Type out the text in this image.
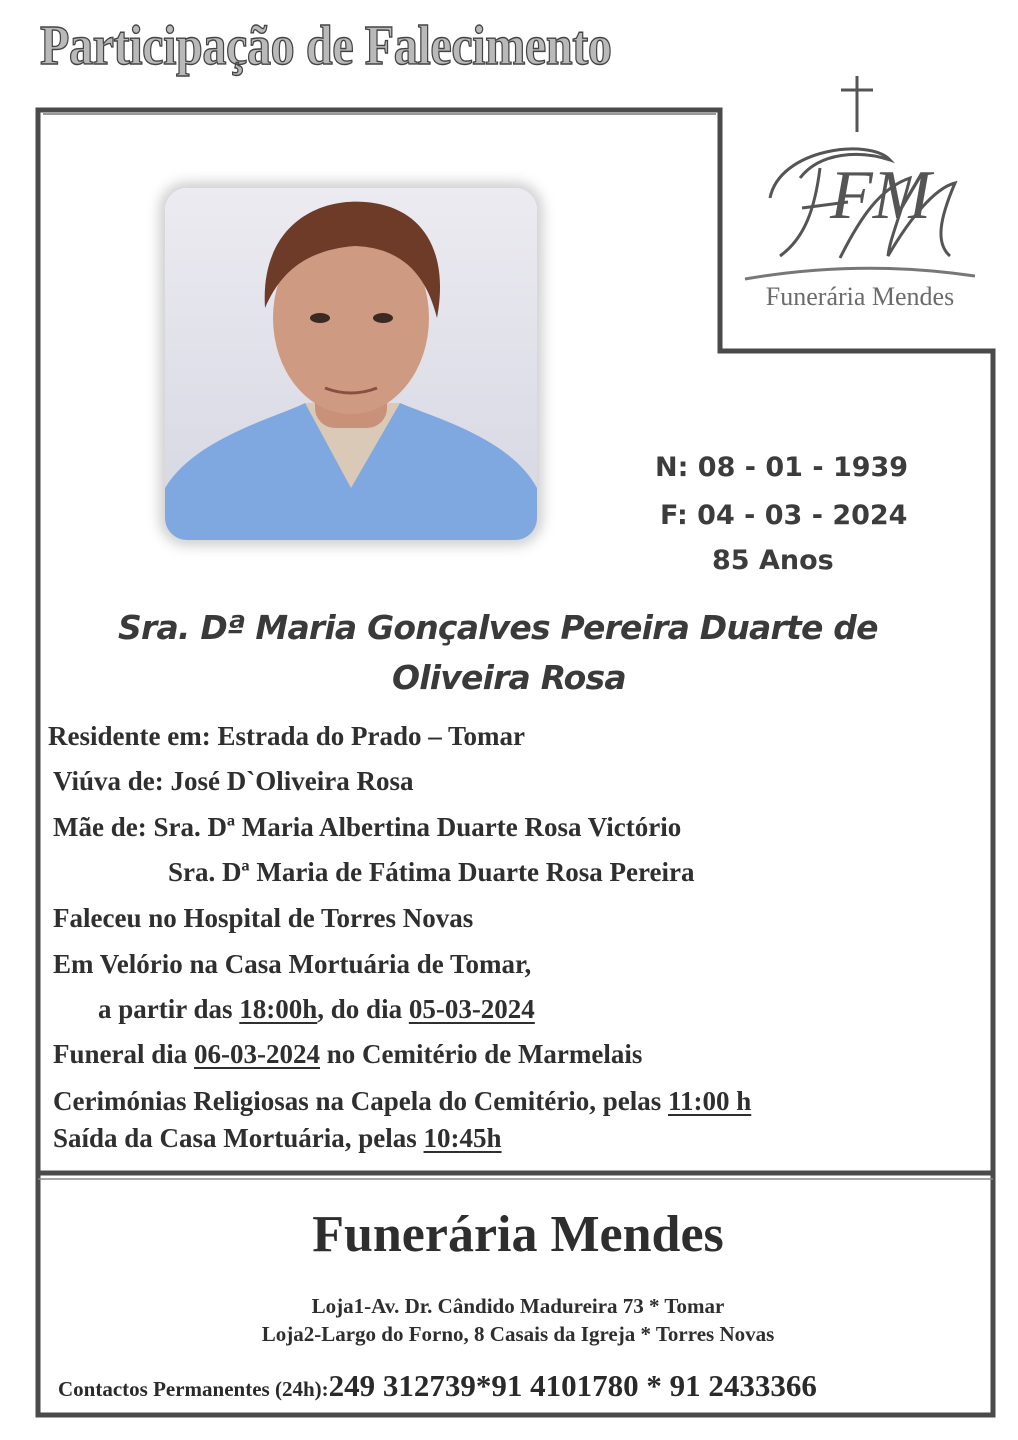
Participação de Falecimento
FM
Funerária Mendes
N: 08 - 01 - 1939
F: 04 - 03 - 2024
85 Anos
Sra. Dª Maria Gonçalves Pereira Duarte de
Oliveira Rosa
Residente em: Estrada do Prado – Tomar
Viúva de: José D`Oliveira Rosa
Mãe de: Sra. Dª Maria Albertina Duarte Rosa Victório
Sra. Dª Maria de Fátima Duarte Rosa Pereira
Faleceu no Hospital de Torres Novas
Em Velório na Casa Mortuária de Tomar,
a partir das 18:00h, do dia 05-03-2024
Funeral dia 06-03-2024 no Cemitério de Marmelais
Cerimónias Religiosas na Capela do Cemitério, pelas 11:00 h
Saída da Casa Mortuária, pelas 10:45h
Funerária Mendes
Loja1-Av. Dr. Cândido Madureira 73 * Tomar
Loja2-Largo do Forno, 8 Casais da Igreja * Torres Novas
Contactos Permanentes (24h):249 312739*91 4101780 * 91 2433366
